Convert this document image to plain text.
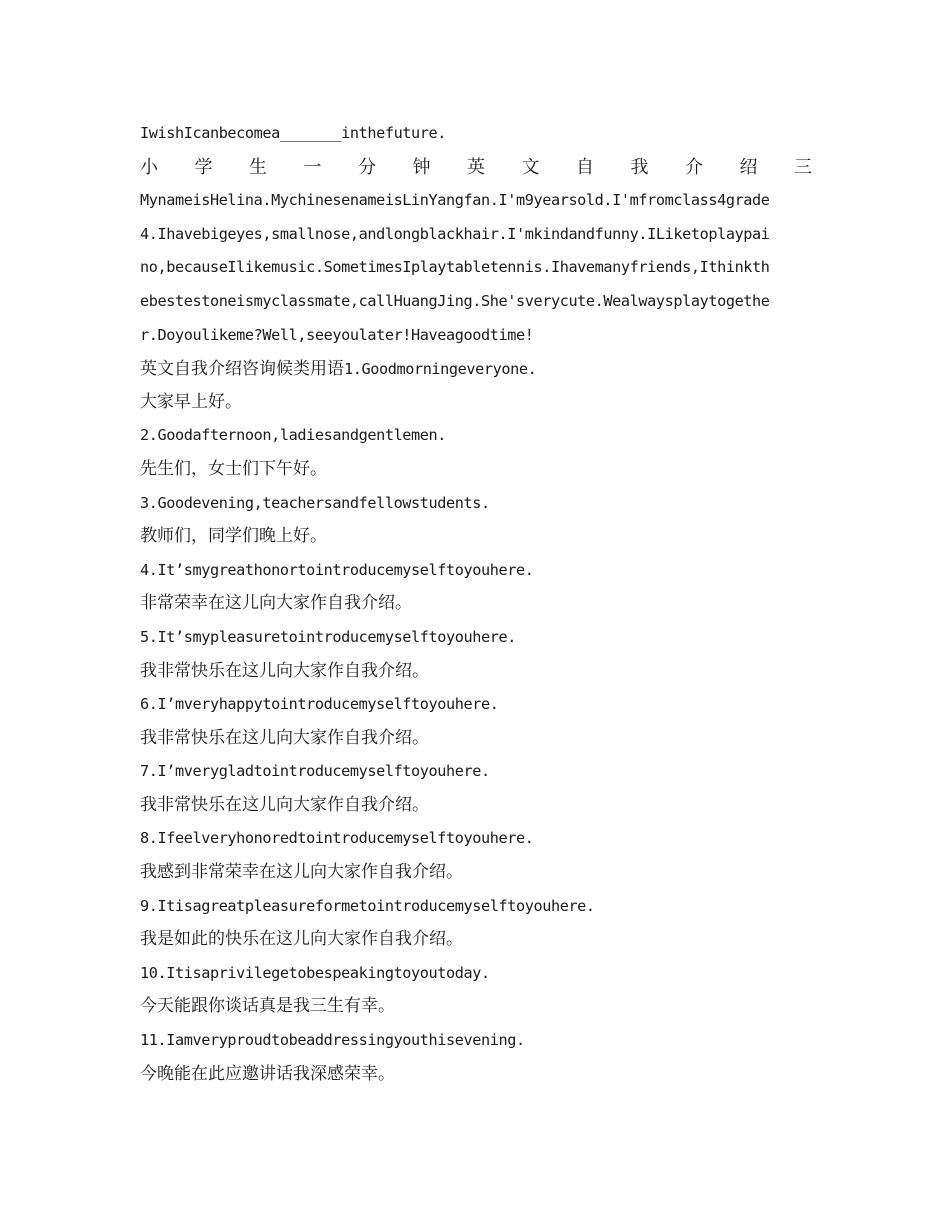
IwishIcanbecomea_______inthefuture.
小 学 生 一 分 钟 英 文 自 我 介 绍 三
MynameisHelina.MychinesenameisLinYangfan.I'm9yearsold.I'mfromclass4grade
4.Ihavebigeyes,smallnose,andlongblackhair.I'mkindandfunny.ILiketoplaypai
no,becauseIlikemusic.SometimesIplaytabletennis.Ihavemanyfriends,Ithinkth
ebestestoneismyclassmate,callHuangJing.She'sverycute.Wealwaysplaytogethe
r.Doyoulikeme?Well,seeyoulater!Haveagoodtime!
英文自我介绍咨询候类用语1.Goodmorningeveryone.
大家早上好。
2.Goodafternoon,ladiesandgentlemen.
先生们，女士们下午好。
3.Goodevening,teachersandfellowstudents.
教师们，同学们晚上好。
4.It’smygreathonortointroducemyselftoyouhere.
非常荣幸在这儿向大家作自我介绍。
5.It’smypleasuretointroducemyselftoyouhere.
我非常快乐在这儿向大家作自我介绍。
6.I’mveryhappytointroducemyselftoyouhere.
我非常快乐在这儿向大家作自我介绍。
7.I’mverygladtointroducemyselftoyouhere.
我非常快乐在这儿向大家作自我介绍。
8.Ifeelveryhonoredtointroducemyselftoyouhere.
我感到非常荣幸在这儿向大家作自我介绍。
9.Itisagreatpleasureformetointroducemyselftoyouhere.
我是如此的快乐在这儿向大家作自我介绍。
10.Itisaprivilegetobespeakingtoyoutoday.
今天能跟你谈话真是我三生有幸。
11.Iamveryproudtobeaddressingyouthisevening.
今晚能在此应邀讲话我深感荣幸。
